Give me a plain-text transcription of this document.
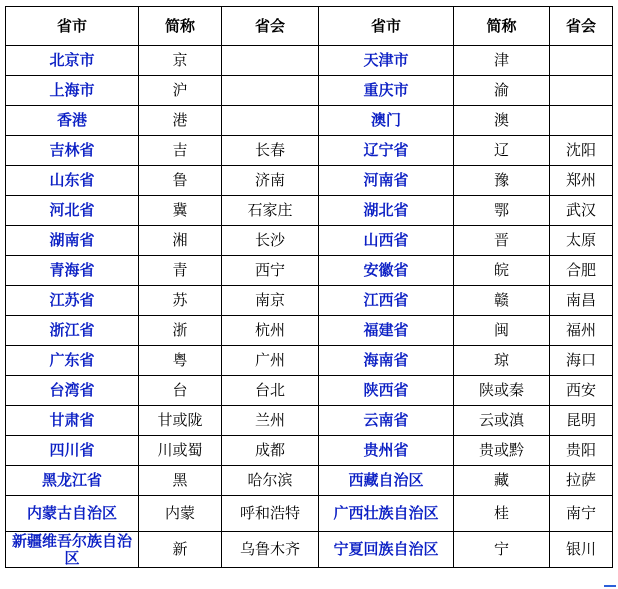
省市	简称	省会	省市	简称	省会
北京市	京		天津市	津	
上海市	沪		重庆市	渝	
香港	港		澳门	澳	
吉林省	吉	长春	辽宁省	辽	沈阳
山东省	鲁	济南	河南省	豫	郑州
河北省	冀	石家庄	湖北省	鄂	武汉
湖南省	湘	长沙	山西省	晋	太原
青海省	青	西宁	安徽省	皖	合肥
江苏省	苏	南京	江西省	赣	南昌
浙江省	浙	杭州	福建省	闽	福州
广东省	粤	广州	海南省	琼	海口
台湾省	台	台北	陕西省	陕或秦	西安
甘肃省	甘或陇	兰州	云南省	云或滇	昆明
四川省	川或蜀	成都	贵州省	贵或黔	贵阳
黑龙江省	黑	哈尔滨	西藏自治区	藏	拉萨
内蒙古自治区	内蒙	呼和浩特	广西壮族自治区	桂	南宁
新疆维吾尔族自治区	新	乌鲁木齐	宁夏回族自治区	宁	银川
